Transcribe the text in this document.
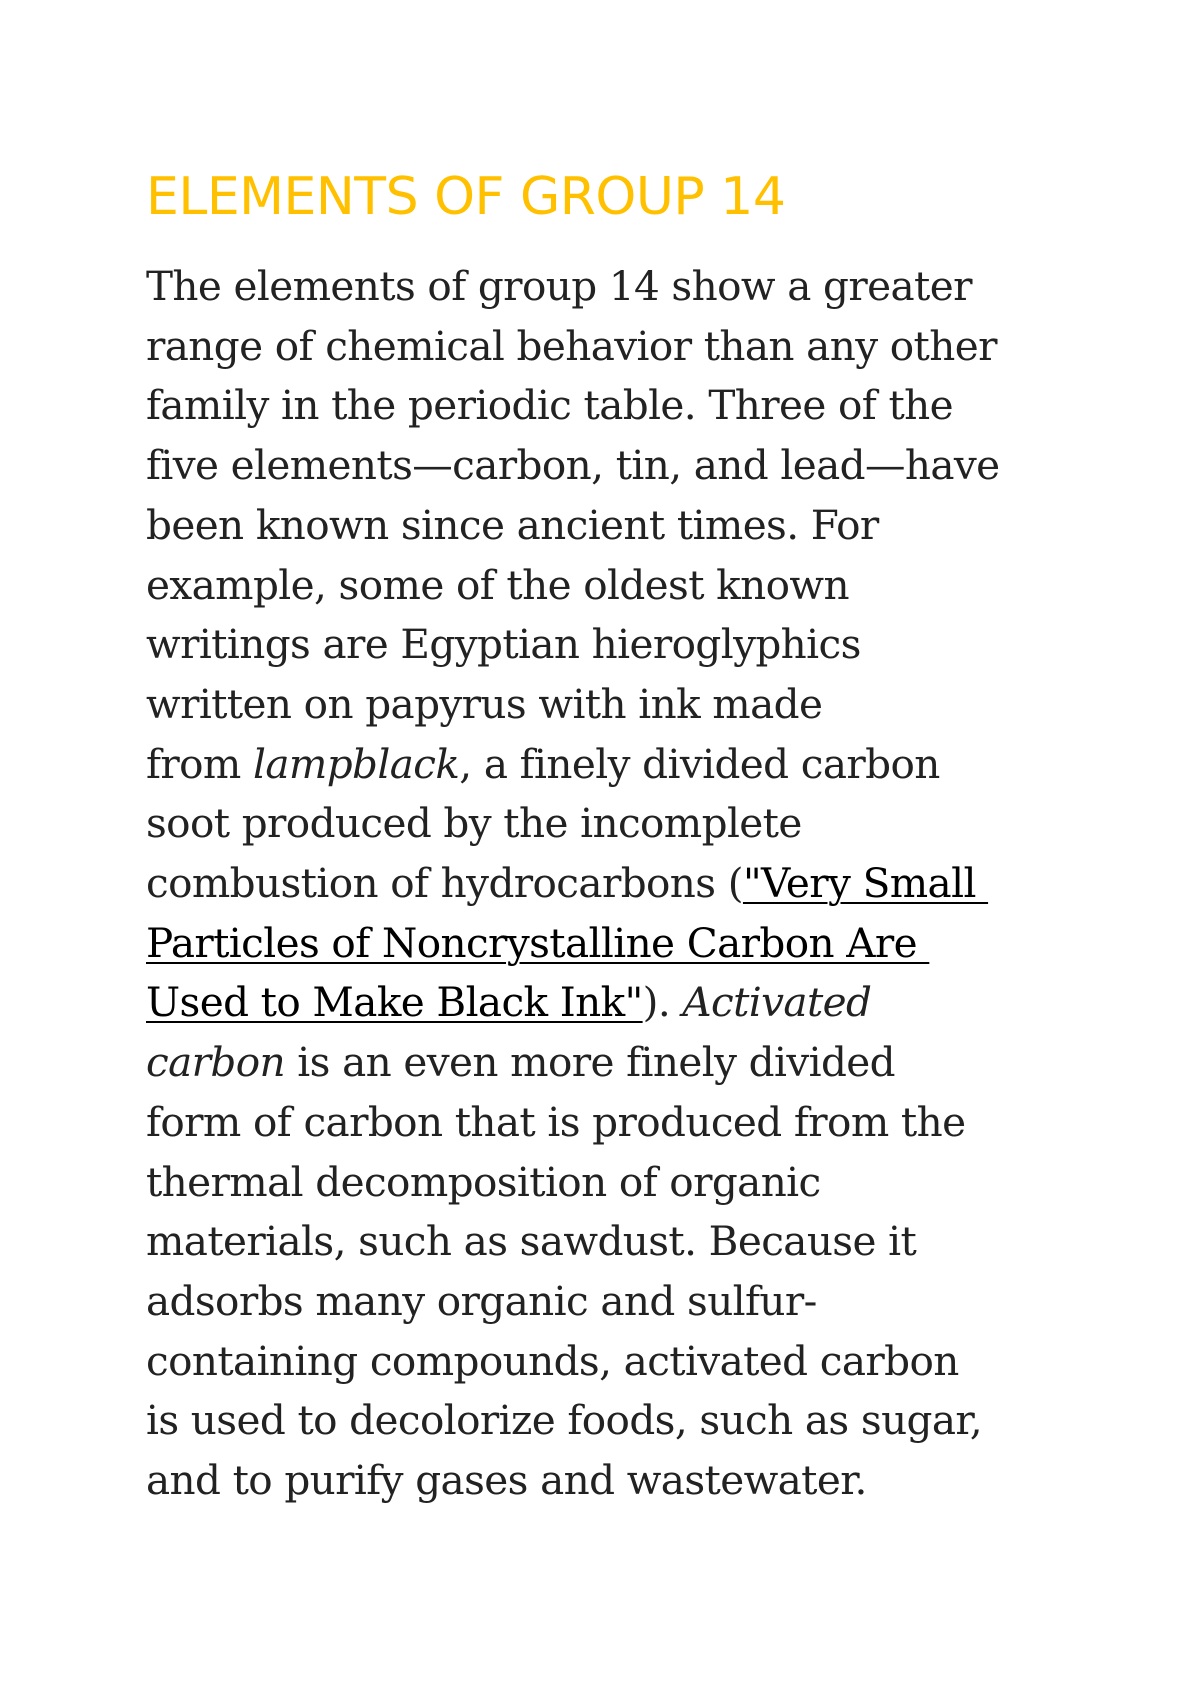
ELEMENTS OF GROUP 14
The elements of group 14 show a greater
range of chemical behavior than any other
family in the periodic table. Three of the
five elements—carbon, tin, and lead—have
been known since ancient times. For
example, some of the oldest known
writings are Egyptian hieroglyphics
written on papyrus with ink made
from lampblack, a finely divided carbon
soot produced by the incomplete
combustion of hydrocarbons ("Very Small
Particles of Noncrystalline Carbon Are
Used to Make Black Ink"). Activated
carbon is an even more finely divided
form of carbon that is produced from the
thermal decomposition of organic
materials, such as sawdust. Because it
adsorbs many organic and sulfur-
containing compounds, activated carbon
is used to decolorize foods, such as sugar,
and to purify gases and wastewater.
